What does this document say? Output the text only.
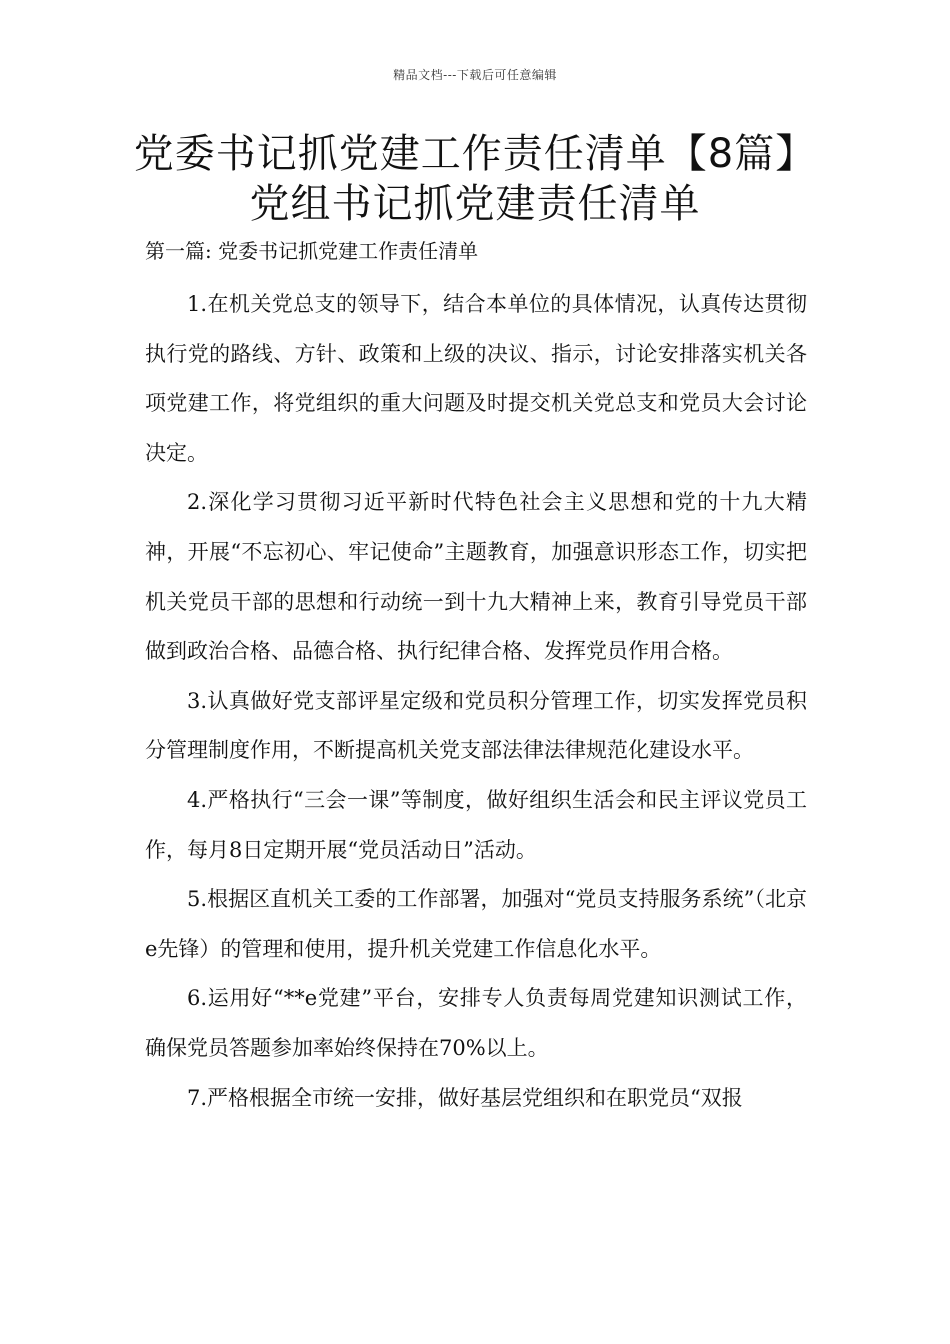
精品文档---下载后可任意编辑
党委书记抓党建工作责任清单【8篇】
党组书记抓党建责任清单
第一篇: 党委书记抓党建工作责任清单

1.在机关党总支的领导下，结合本单位的具体情况，认真传达贯彻执行党的路线、方针、政策和上级的决议、指示，讨论安排落实机关各项党建工作，将党组织的重大问题及时提交机关党总支和党员大会讨论决定。

2.深化学习贯彻习近平新时代特色社会主义思想和党的十九大精神，开展“不忘初心、牢记使命”主题教育，加强意识形态工作，切实把机关党员干部的思想和行动统一到十九大精神上来，教育引导党员干部做到政治合格、品德合格、执行纪律合格、发挥党员作用合格。

3.认真做好党支部评星定级和党员积分管理工作，切实发挥党员积分管理制度作用，不断提高机关党支部法律法律规范化建设水平。

4.严格执行“三会一课”等制度，做好组织生活会和民主评议党员工作，每月8日定期开展“党员活动日”活动。

5.根据区直机关工委的工作部署，加强对“党员支持服务系统”（北京e先锋）的管理和使用，提升机关党建工作信息化水平。

6.运用好“**e党建”平台，安排专人负责每周党建知识测试工作，确保党员答题参加率始终保持在70%以上。

7.严格根据全市统一安排，做好基层党组织和在职党员“双报
